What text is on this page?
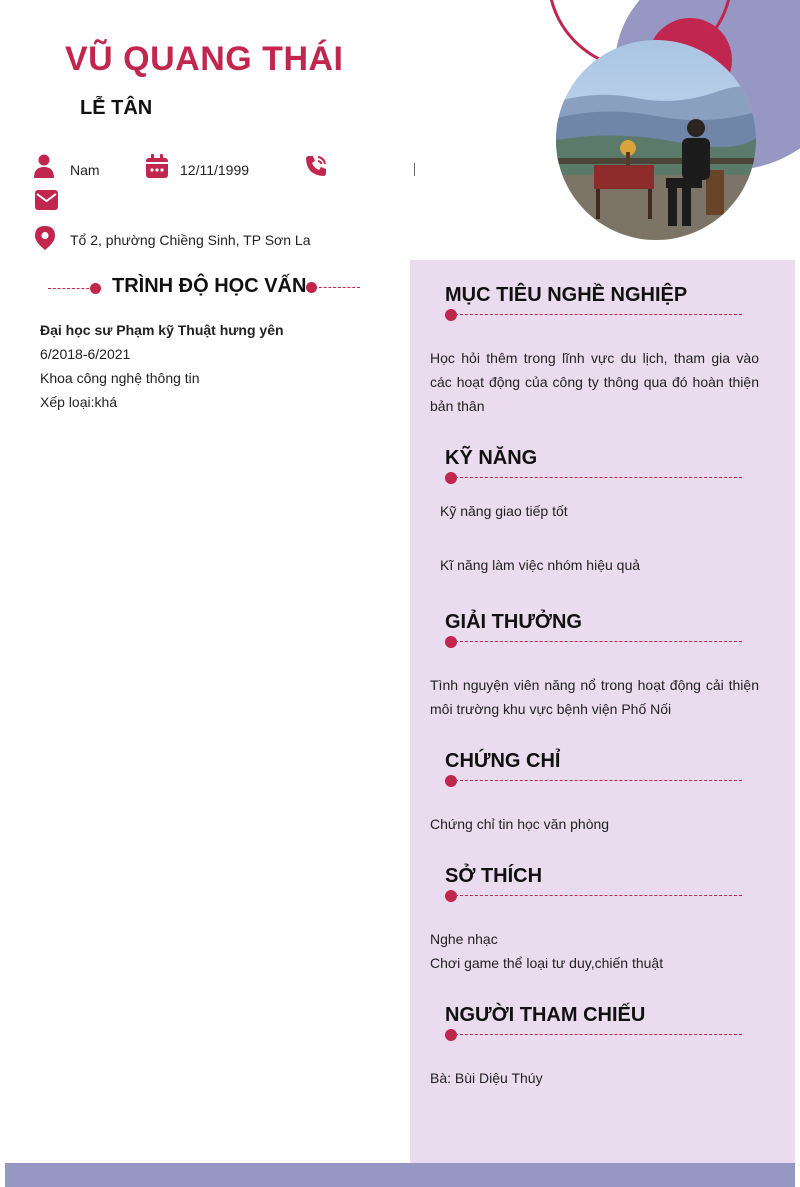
VŨ QUANG THÁI
LỄ TÂN
Nam	12/11/1999
Tổ 2, phường Chiềng Sinh, TP Sơn La
TRÌNH ĐỘ HỌC VẤN
Đại học sư Phạm kỹ Thuật hưng yên
6/2018-6/2021
Khoa công nghệ thông tin
Xếp loại:khá
MỤC TIÊU NGHỀ NGHIỆP
Học hỏi thêm trong lĩnh vực du lịch, tham gia vào các hoạt động của công ty thông qua đó hoàn thiện bản thân
KỸ NĂNG
Kỹ năng giao tiếp tốt
Kĩ năng làm việc nhóm hiệu quả
GIẢI THƯỞNG
Tình nguyện viên năng nổ trong hoạt động cải thiện môi trường khu vực bệnh viện Phố Nối
CHỨNG CHỈ
Chứng chỉ tin học văn phòng
SỞ THÍCH
Nghe nhạc
Chơi game thể loại tư duy,chiến thuật
NGƯỜI THAM CHIẾU
Bà: Bùi Diệu Thúy
